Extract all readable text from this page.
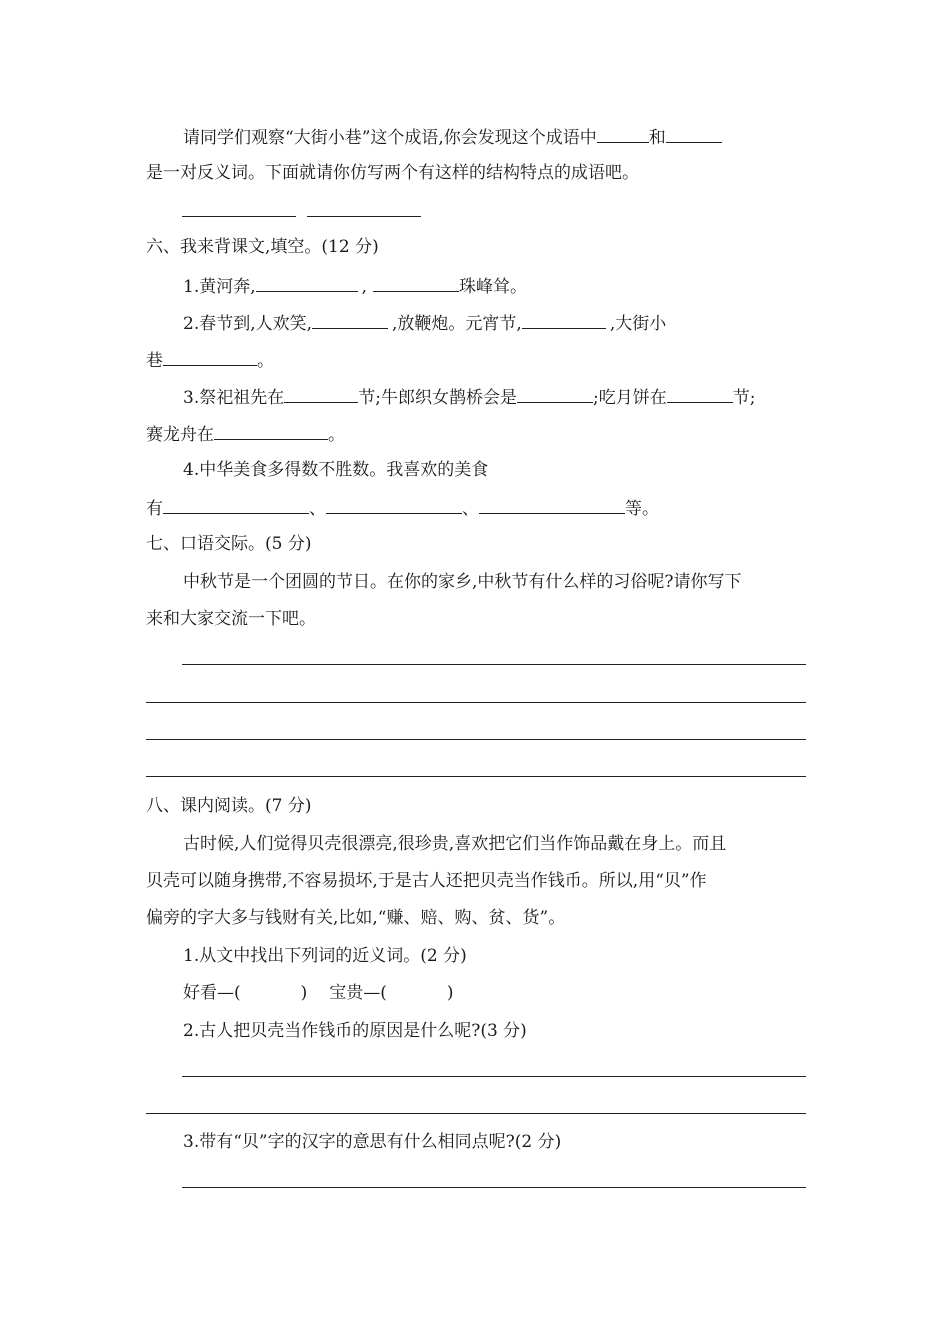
请同学们观察“大街小巷”这个成语,你会发现这个成语中	和
是一对反义词。下面就请你仿写两个有这样的结构特点的成语吧。
六、我来背课文,填空。(12 分)
1.黄河奔,	,	珠峰耸。
2.春节到,人欢笑,	,放鞭炮。元宵节,	,大街小
巷	。
3.祭祀祖先在	节;牛郎织女鹊桥会是	;吃月饼在	节;
赛龙舟在	。
4.中华美食多得数不胜数。我喜欢的美食
有	、	、	等。
七、口语交际。(5 分)
中秋节是一个团圆的节日。在你的家乡,中秋节有什么样的习俗呢?请你写下
来和大家交流一下吧。
八、课内阅读。(7 分)
古时候,人们觉得贝壳很漂亮,很珍贵,喜欢把它们当作饰品戴在身上。而且
贝壳可以随身携带,不容易损坏,于是古人还把贝壳当作钱币。所以,用“贝”作
偏旁的字大多与钱财有关,比如,“赚、赔、购、贫、货”。
1.从文中找出下列词的近义词。(2 分)
好看—(	) 宝贵—(	)
2.古人把贝壳当作钱币的原因是什么呢?(3 分)
3.带有“贝”字的汉字的意思有什么相同点呢?(2 分)
